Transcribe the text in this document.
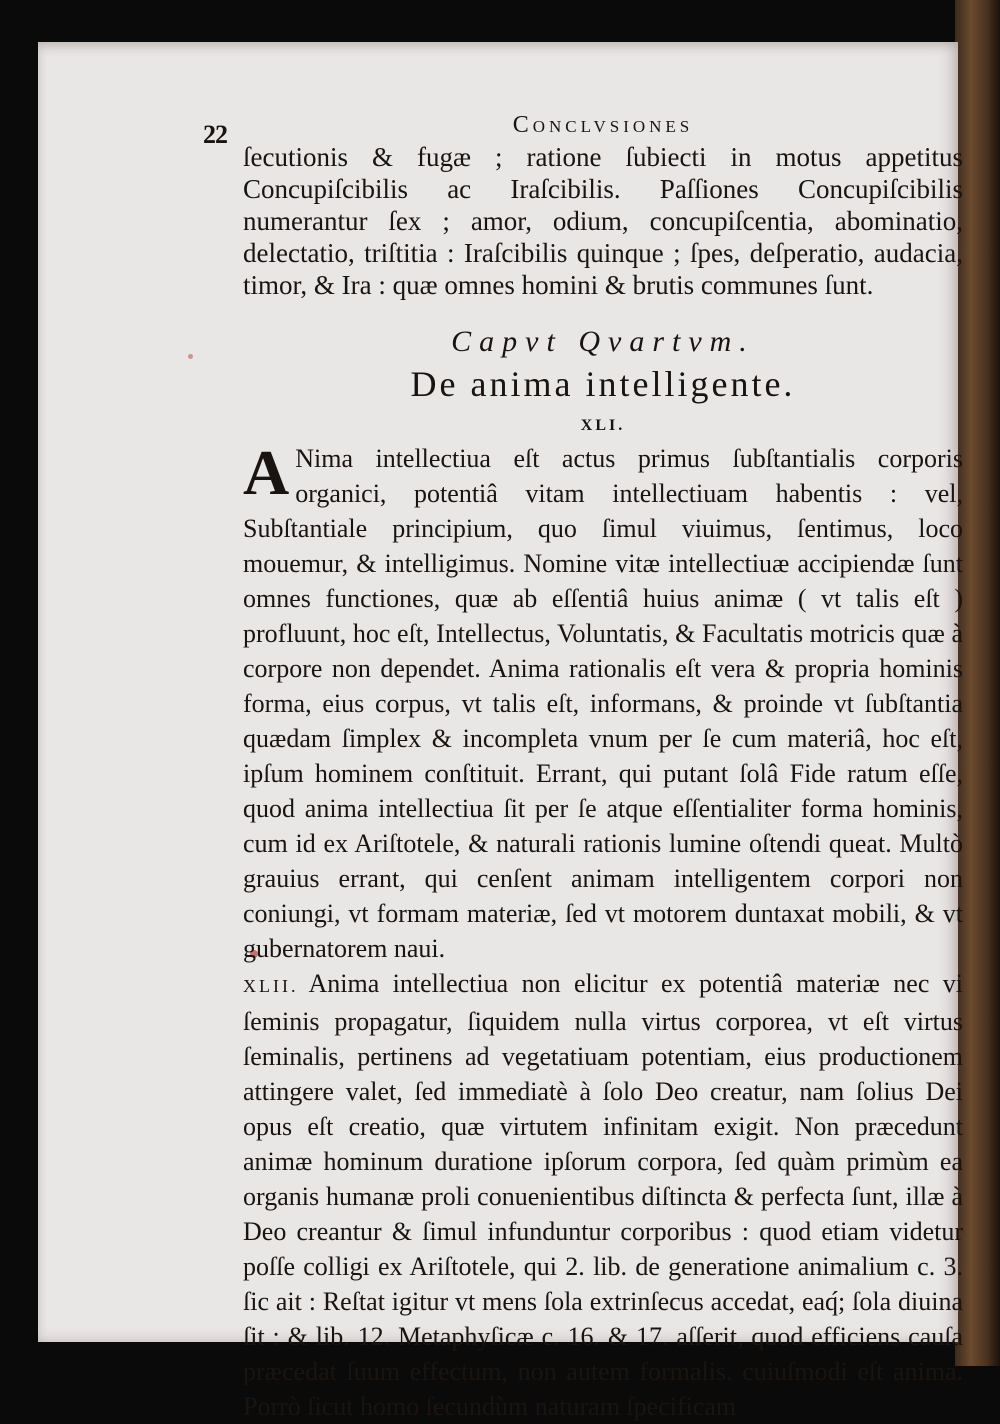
22	Conclvsiones

ſecutionis & fugæ ; ratione ſubiecti in motus appetitus Concupiſcibilis ac Iraſcibilis. Paſſiones Concupiſcibilis numerantur ſex ; amor, odium, concupiſcentia, abominatio, delectatio, triſtitia : Iraſcibilis quinque ; ſpes, deſperatio, audacia, timor, & Ira : quæ omnes homini & brutis communes ſunt.

Capvt Qvartvm.
De anima intelligente.
XLI.

A Nima intellectiua eſt actus primus ſubſtantialis corporis organici, potentiâ vitam intellectiuam habentis : vel, Subſtantiale principium, quo ſimul viuimus, ſentimus, loco mouemur, & intelligimus. Nomine vitæ intellectiuæ accipiendæ ſunt omnes functiones, quæ ab eſſentiâ huius animæ ( vt talis eſt ) profluunt, hoc eſt, Intellectus, Voluntatis, & Facultatis motricis quæ à corpore non dependet. Anima rationalis eſt vera & propria hominis forma, eius corpus, vt talis eſt, informans, & proinde vt ſubſtantia quædam ſimplex & incompleta vnum per ſe cum materiâ, hoc eſt, ipſum hominem conſtituit. Errant, qui putant ſolâ Fide ratum eſſe, quod anima intellectiua ſit per ſe atque eſſentialiter forma hominis, cum id ex Ariſtotele, & naturali rationis lumine oſtendi queat. Multò grauius errant, qui cenſent animam intelligentem corpori non coniungi, vt formam materiæ, ſed vt motorem duntaxat mobili, & vt gubernatorem naui.

XLII. Anima intellectiua non elicitur ex potentiâ materiæ nec vi ſeminis propagatur, ſiquidem nulla virtus corporea, vt eſt virtus ſeminalis, pertinens ad vegetatiuam potentiam, eius productionem attingere valet, ſed immediatè à ſolo Deo creatur, nam ſolius Dei opus eſt creatio, quæ virtutem infinitam exigit. Non præcedunt animæ hominum duratione ipſorum corpora, ſed quàm primùm ea organis humanæ proli conuenientibus diſtincta & perfecta ſunt, illæ à Deo creantur & ſimul infunduntur corporibus : quod etiam videtur poſſe colligi ex Ariſtotele, qui 2. lib. de generatione animalium c. 3. ſic ait : Reſtat igitur vt mens ſola extrinſecus accedat, eaq́; ſola diuina ſit : & lib. 12. Metaphyſicæ c. 16. & 17. aſſerit, quod efficiens cauſa præcedat ſuum effectum, non autem formalis. cuiuſmodi eſt anima. Porrò ſicut homo ſecundùm naturam ſpecificam
